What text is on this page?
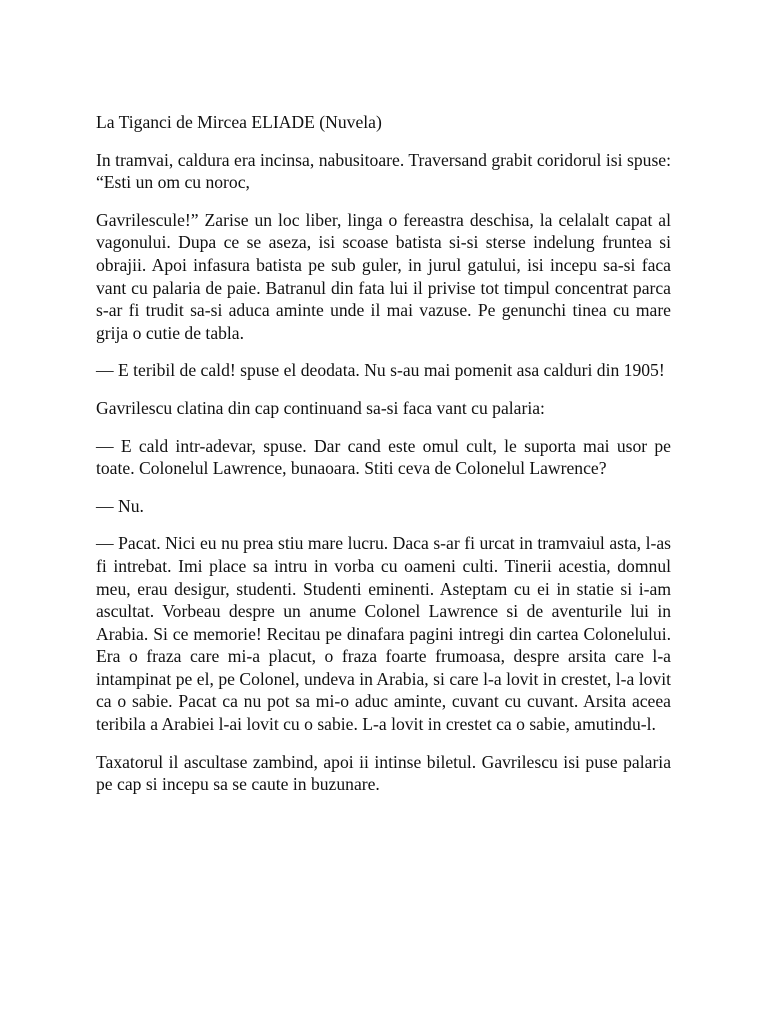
La Tiganci de Mircea ELIADE (Nuvela)

In tramvai, caldura era incinsa, nabusitoare. Traversand grabit coridorul isi spuse: “Esti un om cu noroc,

Gavrilescule!” Zarise un loc liber, linga o fereastra deschisa, la celalalt capat al vagonului. Dupa ce se aseza, isi scoase batista si-si sterse indelung fruntea si obrajii. Apoi infasura batista pe sub guler, in jurul gatului, isi incepu sa-si faca vant cu palaria de paie. Batranul din fata lui il privise tot timpul concentrat parca s-ar fi trudit sa-si aduca aminte unde il mai vazuse. Pe genunchi tinea cu mare grija o cutie de tabla.

— E teribil de cald! spuse el deodata. Nu s-au mai pomenit asa calduri din 1905!

Gavrilescu clatina din cap continuand sa-si faca vant cu palaria:

— E cald intr-adevar, spuse. Dar cand este omul cult, le suporta mai usor pe toate. Colonelul Lawrence, bunaoara. Stiti ceva de Colonelul Lawrence?

— Nu.

— Pacat. Nici eu nu prea stiu mare lucru. Daca s-ar fi urcat in tramvaiul asta, l-as fi intrebat. Imi place sa intru in vorba cu oameni culti. Tinerii acestia, domnul meu, erau desigur, studenti. Studenti eminenti. Asteptam cu ei in statie si i-am ascultat. Vorbeau despre un anume Colonel Lawrence si de aventurile lui in Arabia. Si ce memorie! Recitau pe dinafara pagini intregi din cartea Colonelului. Era o fraza care mi-a placut, o fraza foarte frumoasa, despre arsita care l-a intampinat pe el, pe Colonel, undeva in Arabia, si care l-a lovit in crestet, l-a lovit ca o sabie. Pacat ca nu pot sa mi-o aduc aminte, cuvant cu cuvant. Arsita aceea teribila a Arabiei l-ai lovit cu o sabie. L-a lovit in crestet ca o sabie, amutindu-l.

Taxatorul il ascultase zambind, apoi ii intinse biletul. Gavrilescu isi puse palaria pe cap si incepu sa se caute in buzunare.
